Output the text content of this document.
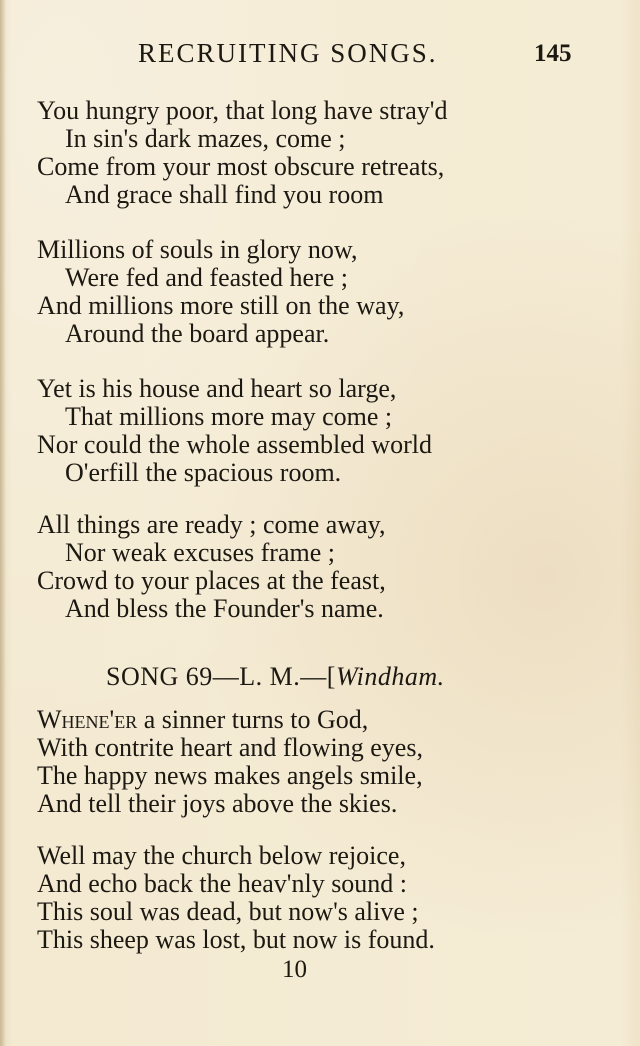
RECRUITING SONGS.	145
You hungry poor, that long have stray'd
In sin's dark mazes, come ;
Come from your most obscure retreats,
And grace shall find you room
Millions of souls in glory now,
Were fed and feasted here ;
And millions more still on the way,
Around the board appear.
Yet is his house and heart so large,
That millions more may come ;
Nor could the whole assembled world
O'erfill the spacious room.
All things are ready ; come away,
Nor weak excuses frame ;
Crowd to your places at the feast,
And bless the Founder's name.
SONG 69—L. M.—[Windham.
Whene'er a sinner turns to God,
With contrite heart and flowing eyes,
The happy news makes angels smile,
And tell their joys above the skies.
Well may the church below rejoice,
And echo back the heav'nly sound :
This soul was dead, but now's alive ;
This sheep was lost, but now is found.
10
